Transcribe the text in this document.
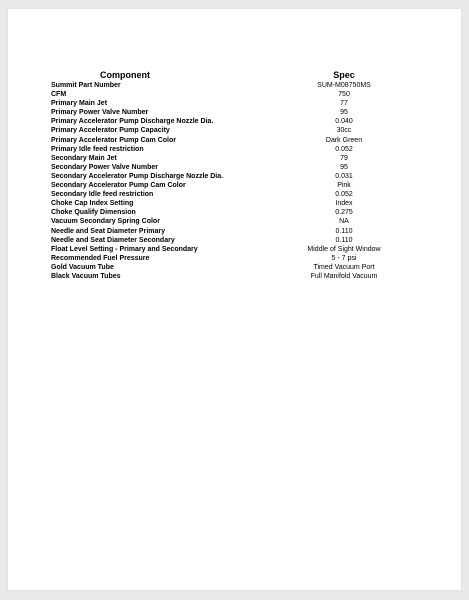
Component	Spec
Summit Part Number	SUM-M08750MS
CFM	750
Primary Main Jet	77
Primary Power Valve Number	95
Primary Accelerator Pump Discharge Nozzle Dia.	0.040
Primary Accelerator Pump Capacity	30cc
Primary Accelerator Pump Cam Color	Dark Green
Primary Idle feed restriction	0.052
Secondary Main Jet	79
Secondary Power Valve Number	95
Secondary Accelerator Pump Discharge Nozzle Dia.	0.031
Secondary Accelerator Pump Cam Color	Pink
Secondary Idle feed restriction	0.052
Choke Cap Index Setting	Index
Choke Qualify Dimension	0.275
Vacuum Secondary Spring Color	NA
Needle and Seat Diameter Primary	0.110
Needle and Seat Diameter Secondary	0.110
Float Level Setting - Primary and Secondary	Middle of Sight Window
Recommended Fuel Pressure	5 - 7 psi
Gold Vacuum Tube	Timed Vacuum Port
Black Vacuum Tubes	Full Manifold Vacuum
